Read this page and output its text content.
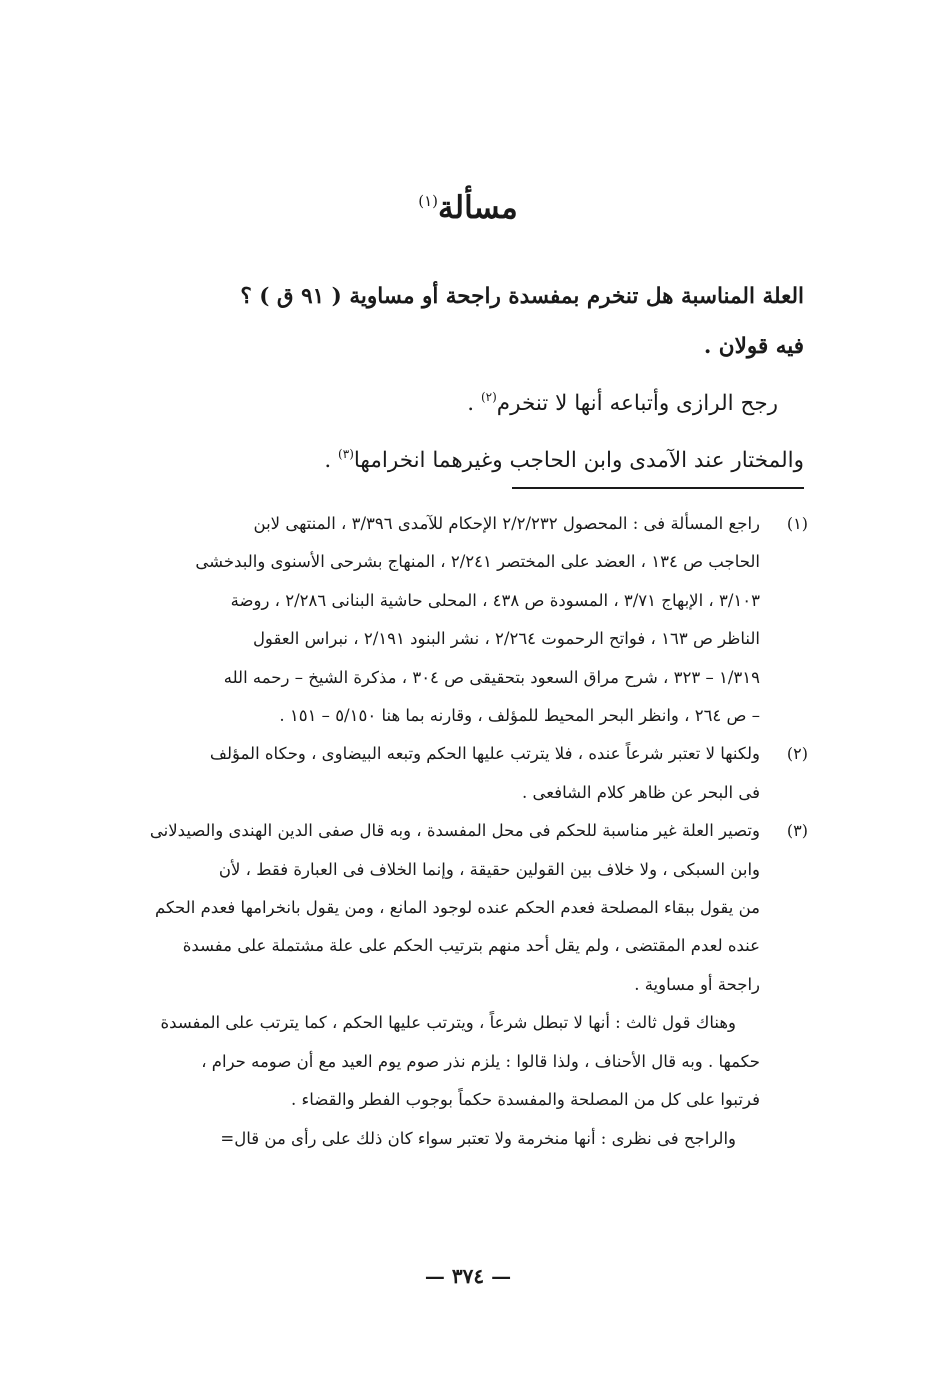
مسألة$^{(١)}$

العلة المناسبة هل تنخرم بمفسدة راجحة أو مساوية ( ٩١ ق ) ؟

فيه قولان .

رجح الرازى وأتباعه أنها لا تنخرم$^{(٢)}$ .

والمختار عند الآمدى وابن الحاجب وغيرهما انخرامها$^{(٣)}$ .

(١)
راجع المسألة فى : المحصول ٢/٢/٢٣٢ الإحكام للآمدى ٣/٣٩٦ ، المنتهى لابن
الحاجب ص ١٣٤ ، العضد على المختصر ٢/٢٤١ ، المنهاج بشرحى الأسنوى والبدخشى
٣/١٠٣ ، الإبهاج ٣/٧١ ، المسودة ص ٤٣٨ ، المحلى حاشية البنانى ٢/٢٨٦ ، روضة
الناظر ص ١٦٣ ، فواتح الرحموت ٢/٢٦٤ ، نشر البنود ٢/١٩١ ، نبراس العقول
١/٣١٩ – ٣٢٣ ، شرح مراق السعود بتحقيقى ص ٣٠٤ ، مذكرة الشيخ – رحمه الله
– ص ٢٦٤ ، وانظر البحر المحيط للمؤلف ، وقارنه بما هنا ٥/١٥٠ – ١٥١ .
(٢)
ولكنها لا تعتبر شرعاً عنده ، فلا يترتب عليها الحكم وتبعه البيضاوى ، وحكاه المؤلف
فى البحر عن ظاهر كلام الشافعى .
(٣)
وتصير العلة غير مناسبة للحكم فى محل المفسدة ، وبه قال صفى الدين الهندى والصيدلانى
وابن السبكى ، ولا خلاف بين القولين حقيقة ، وإنما الخلاف فى العبارة فقط ، لأن
من يقول ببقاء المصلحة فعدم الحكم عنده لوجود المانع ، ومن يقول بانخرامها فعدم الحكم
عنده لعدم المقتضى ، ولم يقل أحد منهم بترتيب الحكم على علة مشتملة على مفسدة
راجحة أو مساوية .
وهناك قول ثالث : أنها لا تبطل شرعاً ، ويترتب عليها الحكم ، كما يترتب على المفسدة
حكمها . وبه قال الأحناف ، ولذا قالوا : يلزم نذر صوم يوم العيد مع أن صومه حرام ،
فرتبوا على كل من المصلحة والمفسدة حكماً بوجوب الفطر والقضاء .
والراجح فى نظرى : أنها منخرمة ولا تعتبر سواء كان ذلك على رأى من قال=
— ٣٧٤ —
